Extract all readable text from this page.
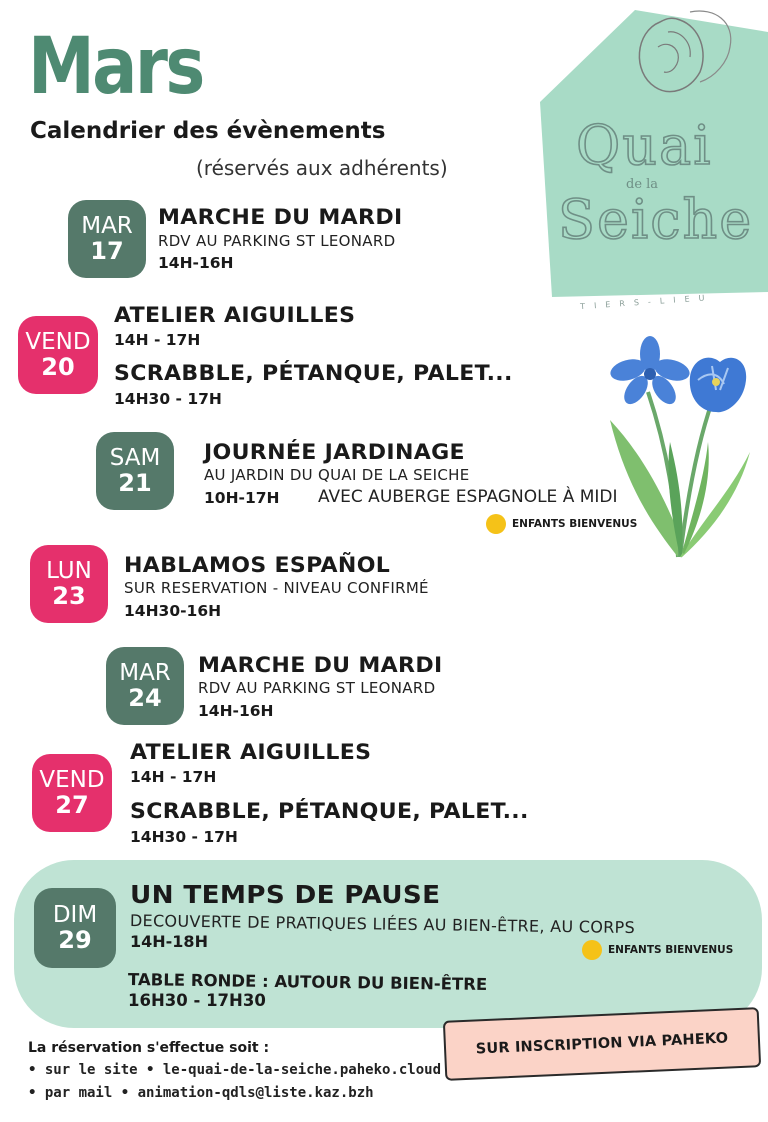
Mars
Calendrier des évènements
(réservés aux adhérents) Quai
de la
Seiche
TIERS-LIEU
MAR
17
MARCHE DU MARDI
RDV AU PARKING ST LEONARD
14H-16H
VEND
20
ATELIER AIGUILLES
14H - 17H
SCRABBLE, PÉTANQUE, PALET...
14H30 - 17H
SAM
21
JOURNÉE JARDINAGE
AU JARDIN DU QUAI DE LA SEICHE
10H-17H AVEC AUBERGE ESPAGNOLE À MIDI
ENFANTS BIENVENUS
LUN
23
HABLAMOS ESPAÑOL
SUR RESERVATION - NIVEAU CONFIRMÉ
14H30-16H
MAR
24
MARCHE DU MARDI
RDV AU PARKING ST LEONARD
14H-16H
VEND
27
ATELIER AIGUILLES
14H - 17H
SCRABBLE, PÉTANQUE, PALET...
14H30 - 17H
DIM
29
UN TEMPS DE PAUSE
DECOUVERTE DE PRATIQUES LIÉES AU BIEN-ÊTRE, AU CORPS
14H-18H	ENFANTS BIENVENUS
TABLE RONDE : AUTOUR DU BIEN-ÊTRE
16H30 - 17H30
La réservation s'effectue soit :
• sur le site • le-quai-de-la-seiche.paheko.cloud
• par mail • animation-qdls@liste.kaz.bzh
SUR INSCRIPTION VIA PAHEKO
